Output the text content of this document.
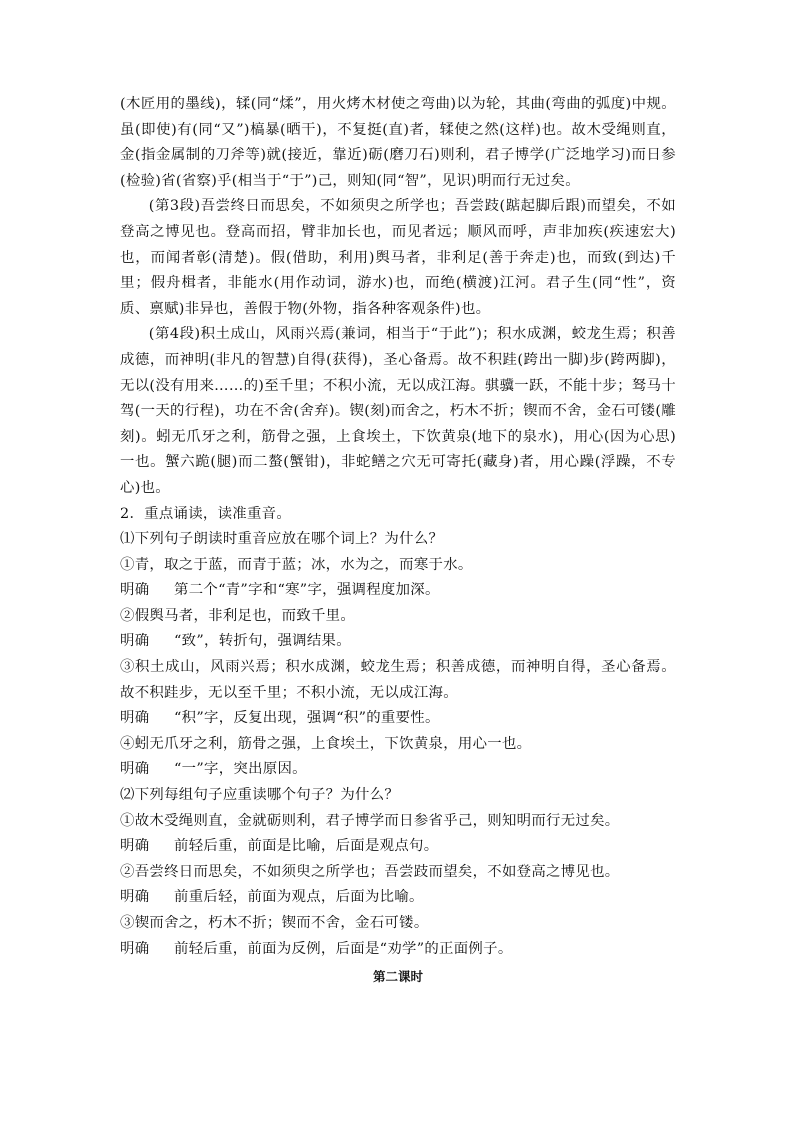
(木匠用的墨线)，𫐓(同“煣”，用火烤木材使之弯曲)以为轮，其曲(弯曲的弧度)中规。虽(即使)有(同“又”)槁暴(晒干)，不复挺(直)者，𫐓使之然(这样)也。故木受绳则直，金(指金属制的刀斧等)就(接近，靠近)砺(磨刀石)则利，君子博学(广泛地学习)而日参(检验)省(省察)乎(相当于“于”)己，则知(同“智”，见识)明而行无过矣。

(第3段)吾尝终日而思矣，不如须臾之所学也；吾尝跂(踮起脚后跟)而望矣，不如登高之博见也。登高而招，臂非加长也，而见者远；顺风而呼，声非加疾(疾速宏大)也，而闻者彰(清楚)。假(借助，利用)舆马者，非利足(善于奔走)也，而致(到达)千里；假舟楫者，非能水(用作动词，游水)也，而绝(横渡)江河。君子生(同“性”，资质、禀赋)非异也，善假于物(外物，指各种客观条件)也。

(第4段)积土成山，风雨兴焉(兼词，相当于“于此”)；积水成渊，蛟龙生焉；积善成德，而神明(非凡的智慧)自得(获得)，圣心备焉。故不积跬(跨出一脚)步(跨两脚)，无以(没有用来……的)至千里；不积小流，无以成江海。骐骥一跃，不能十步；驽马十驾(一天的行程)，功在不舍(舍弃)。锲(刻)而舍之，朽木不折；锲而不舍，金石可镂(雕刻)。蚓无爪牙之利，筋骨之强，上食埃土，下饮黄泉(地下的泉水)，用心(因为心思)一也。蟹六跪(腿)而二螯(蟹钳)，非蛇鳝之穴无可寄托(藏身)者，用心躁(浮躁，不专心)也。

2．重点诵读，读准重音。

⑴下列句子朗读时重音应放在哪个词上？为什么？

①青，取之于蓝，而青于蓝；冰，水为之，而寒于水。

明确 第二个“青”字和“寒”字，强调程度加深。

②假舆马者，非利足也，而致千里。

明确 “致”，转折句，强调结果。

③积土成山，风雨兴焉；积水成渊，蛟龙生焉；积善成德，而神明自得，圣心备焉。故不积跬步，无以至千里；不积小流，无以成江海。

明确 “积”字，反复出现，强调“积”的重要性。

④蚓无爪牙之利，筋骨之强，上食埃土，下饮黄泉，用心一也。

明确 “一”字，突出原因。

⑵下列每组句子应重读哪个句子？为什么？

①故木受绳则直，金就砺则利，君子博学而日参省乎己，则知明而行无过矣。

明确 前轻后重，前面是比喻，后面是观点句。

②吾尝终日而思矣，不如须臾之所学也；吾尝跂而望矣，不如登高之博见也。

明确 前重后轻，前面为观点，后面为比喻。

③锲而舍之，朽木不折；锲而不舍，金石可镂。

明确 前轻后重，前面为反例，后面是“劝学”的正面例子。

第二课时
